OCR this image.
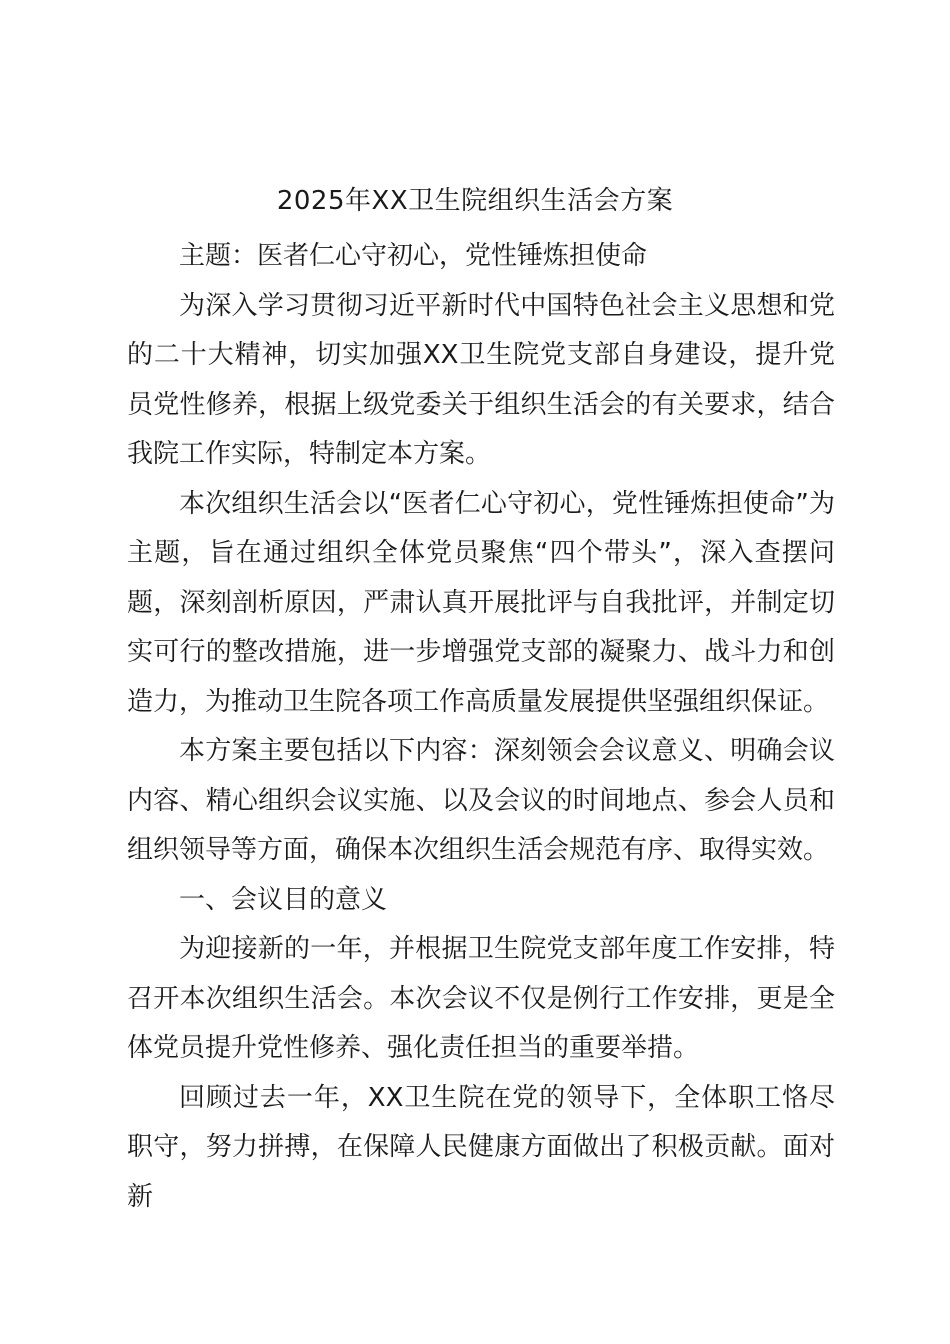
2025年XX卫生院组织生活会方案

主题：医者仁心守初心，党性锤炼担使命

为深入学习贯彻习近平新时代中国特色社会主义思想和党的二十大精神，切实加强XX卫生院党支部自身建设，提升党员党性修养，根据上级党委关于组织生活会的有关要求，结合我院工作实际，特制定本方案。

本次组织生活会以“医者仁心守初心，党性锤炼担使命”为主题，旨在通过组织全体党员聚焦“四个带头”，深入查摆问题，深刻剖析原因，严肃认真开展批评与自我批评，并制定切实可行的整改措施，进一步增强党支部的凝聚力、战斗力和创造力，为推动卫生院各项工作高质量发展提供坚强组织保证。

本方案主要包括以下内容：深刻领会会议意义、明确会议内容、精心组织会议实施、以及会议的时间地点、参会人员和组织领导等方面，确保本次组织生活会规范有序、取得实效。

一、会议目的意义

为迎接新的一年，并根据卫生院党支部年度工作安排，特召开本次组织生活会。本次会议不仅是例行工作安排，更是全体党员提升党性修养、强化责任担当的重要举措。

回顾过去一年，XX卫生院在党的领导下，全体职工恪尽职守，努力拼搏，在保障人民健康方面做出了积极贡献。面对新
